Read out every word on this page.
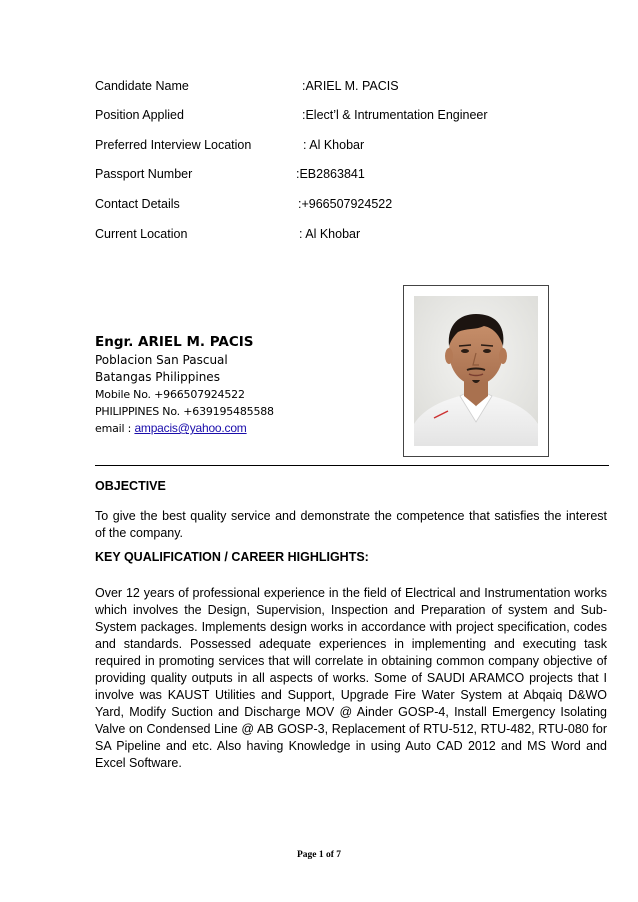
Candidate Name	:ARIEL M. PACIS
Position Applied	:Elect’l & Intrumentation Engineer
Preferred Interview Location	: Al Khobar
Passport Number	:EB2863841
Contact Details	:+966507924522
Current Location	: Al Khobar
Engr. ARIEL M. PACIS
Poblacion San Pascual
Batangas Philippines
Mobile No. +966507924522
PHILIPPINES No. +639195485588
email : ampacis@yahoo.com
OBJECTIVE
To give the best quality service and demonstrate the competence that satisfies the interest of the company.
KEY QUALIFICATION / CAREER HIGHLIGHTS:
Over 12 years of professional experience in the field of Electrical and Instrumentation works which involves the Design, Supervision, Inspection and Preparation of system and Sub-System packages. Implements design works in accordance with project specification, codes and standards. Possessed adequate experiences in implementing and executing task required in promoting services that will correlate in obtaining common company objective of providing quality outputs in all aspects of works. Some of SAUDI ARAMCO projects that I involve was KAUST Utilities and Support, Upgrade Fire Water System at Abqaiq D&WO Yard, Modify Suction and Discharge MOV @ Ainder GOSP-4, Install Emergency Isolating Valve on Condensed Line @ AB GOSP-3, Replacement of RTU-512, RTU-482, RTU-080 for SA Pipeline and etc. Also having Knowledge in using Auto CAD 2012 and MS Word and Excel Software.
Page 1 of 7
